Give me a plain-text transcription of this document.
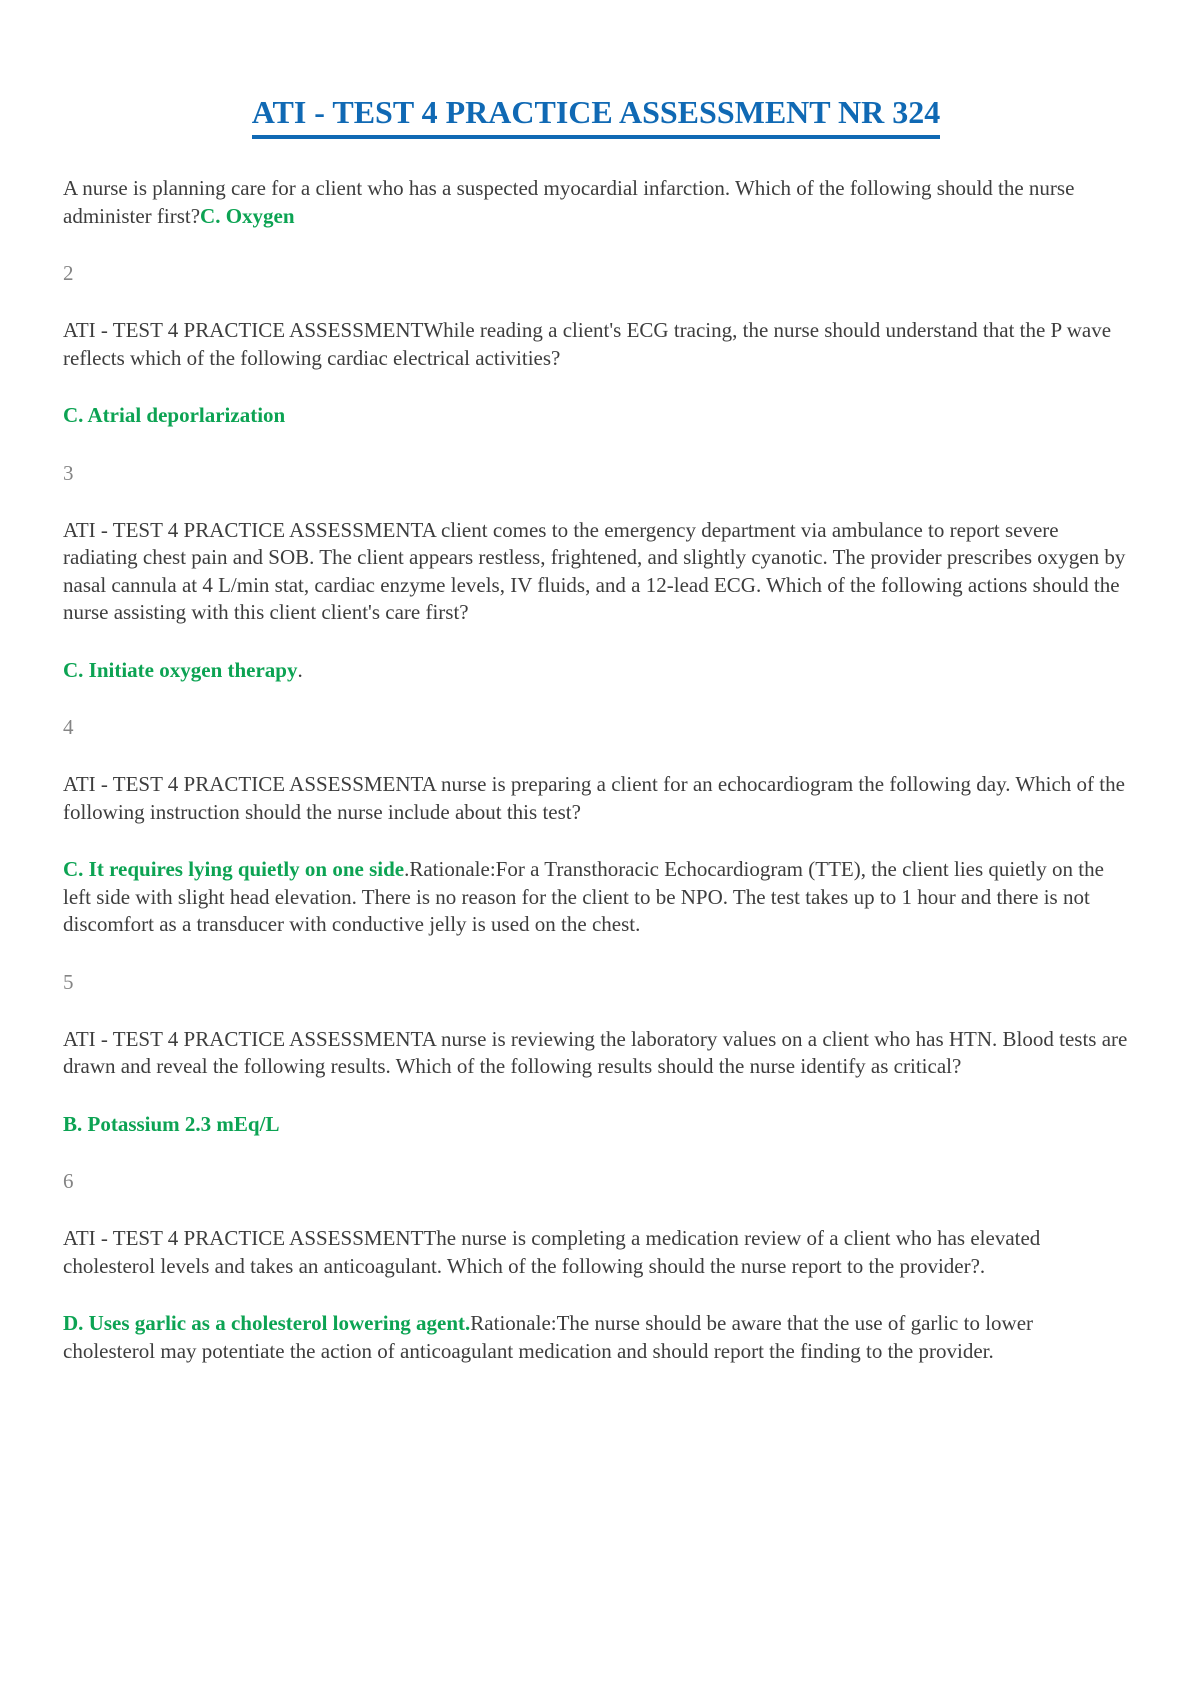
ATI - TEST 4 PRACTICE ASSESSMENT NR 324

A nurse is planning care for a client who has a suspected myocardial infarction. Which of the following should the nurse administer first?C. Oxygen

2

ATI - TEST 4 PRACTICE ASSESSMENTWhile reading a client's ECG tracing, the nurse should understand that the P wave reflects which of the following cardiac electrical activities?

C. Atrial deporlarization

3

ATI - TEST 4 PRACTICE ASSESSMENTA client comes to the emergency department via ambulance to report severe radiating chest pain and SOB. The client appears restless, frightened, and slightly cyanotic. The provider prescribes oxygen by nasal cannula at 4 L/min stat, cardiac enzyme levels, IV fluids, and a 12-lead ECG. Which of the following actions should the nurse assisting with this client client's care first?

C. Initiate oxygen therapy.

4

ATI - TEST 4 PRACTICE ASSESSMENTA nurse is preparing a client for an echocardiogram the following day. Which of the following instruction should the nurse include about this test?

C. It requires lying quietly on one side.Rationale:For a Transthoracic Echocardiogram (TTE), the client lies quietly on the left side with slight head elevation. There is no reason for the client to be NPO. The test takes up to 1 hour and there is not discomfort as a transducer with conductive jelly is used on the chest.

5

ATI - TEST 4 PRACTICE ASSESSMENTA nurse is reviewing the laboratory values on a client who has HTN. Blood tests are drawn and reveal the following results. Which of the following results should the nurse identify as critical?

B. Potassium 2.3 mEq/L

6

ATI - TEST 4 PRACTICE ASSESSMENTThe nurse is completing a medication review of a client who has elevated cholesterol levels and takes an anticoagulant. Which of the following should the nurse report to the provider?.

D. Uses garlic as a cholesterol lowering agent.Rationale:The nurse should be aware that the use of garlic to lower cholesterol may potentiate the action of anticoagulant medication and should report the finding to the provider.
